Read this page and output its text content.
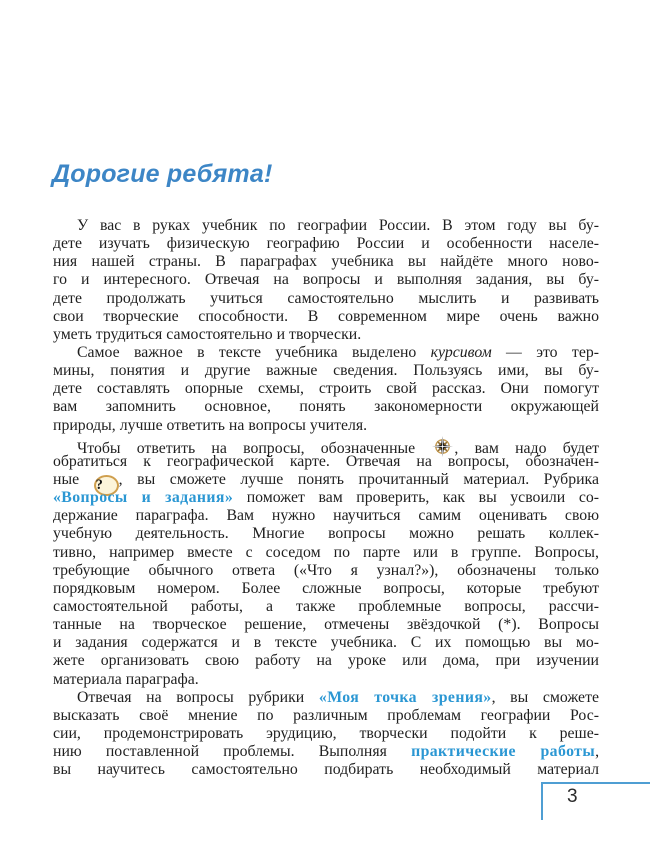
Дорогие ребята!
У вас в руках учебник по географии России. В этом году вы бу-
дете изучать физическую географию России и особенности населе-
ния нашей страны. В параграфах учебника вы найдёте много ново-
го и интересного. Отвечая на вопросы и выполняя задания, вы бу-
дете продолжать учиться самостоятельно мыслить и развивать
свои творческие способности. В современном мире очень важно
уметь трудиться самостоятельно и творчески.
Самое важное в тексте учебника выделено курсивом — это тер-
мины, понятия и другие важные сведения. Пользуясь ими, вы бу-
дете составлять опорные схемы, строить свой рассказ. Они помогут
вам запомнить основное, понять закономерности окружающей
природы, лучше ответить на вопросы учителя.
Чтобы ответить на вопросы, обозначенные
, вам надо будет
обратиться к географической карте. Отвечая на вопросы, обозначен-
ные ? , вы сможете лучше понять прочитанный материал. Рубрика
«Вопросы и задания» поможет вам проверить, как вы усвоили со-
держание параграфа. Вам нужно научиться самим оценивать свою
учебную деятельность. Многие вопросы можно решать коллек-
тивно, например вместе с соседом по парте или в группе. Вопросы,
требующие обычного ответа («Что я узнал?»), обозначены только
порядковым номером. Более сложные вопросы, которые требуют
самостоятельной работы, а также проблемные вопросы, рассчи-
танные на творческое решение, отмечены звёздочкой (*). Вопросы
и задания содержатся и в тексте учебника. С их помощью вы мо-
жете организовать свою работу на уроке или дома, при изучении
материала параграфа.
Отвечая на вопросы рубрики «Моя точка зрения», вы сможете
высказать своё мнение по различным проблемам географии Рос-
сии, продемонстрировать эрудицию, творчески подойти к реше-
нию поставленной проблемы. Выполняя практические работы,
вы научитесь самостоятельно подбирать необходимый материал
3
